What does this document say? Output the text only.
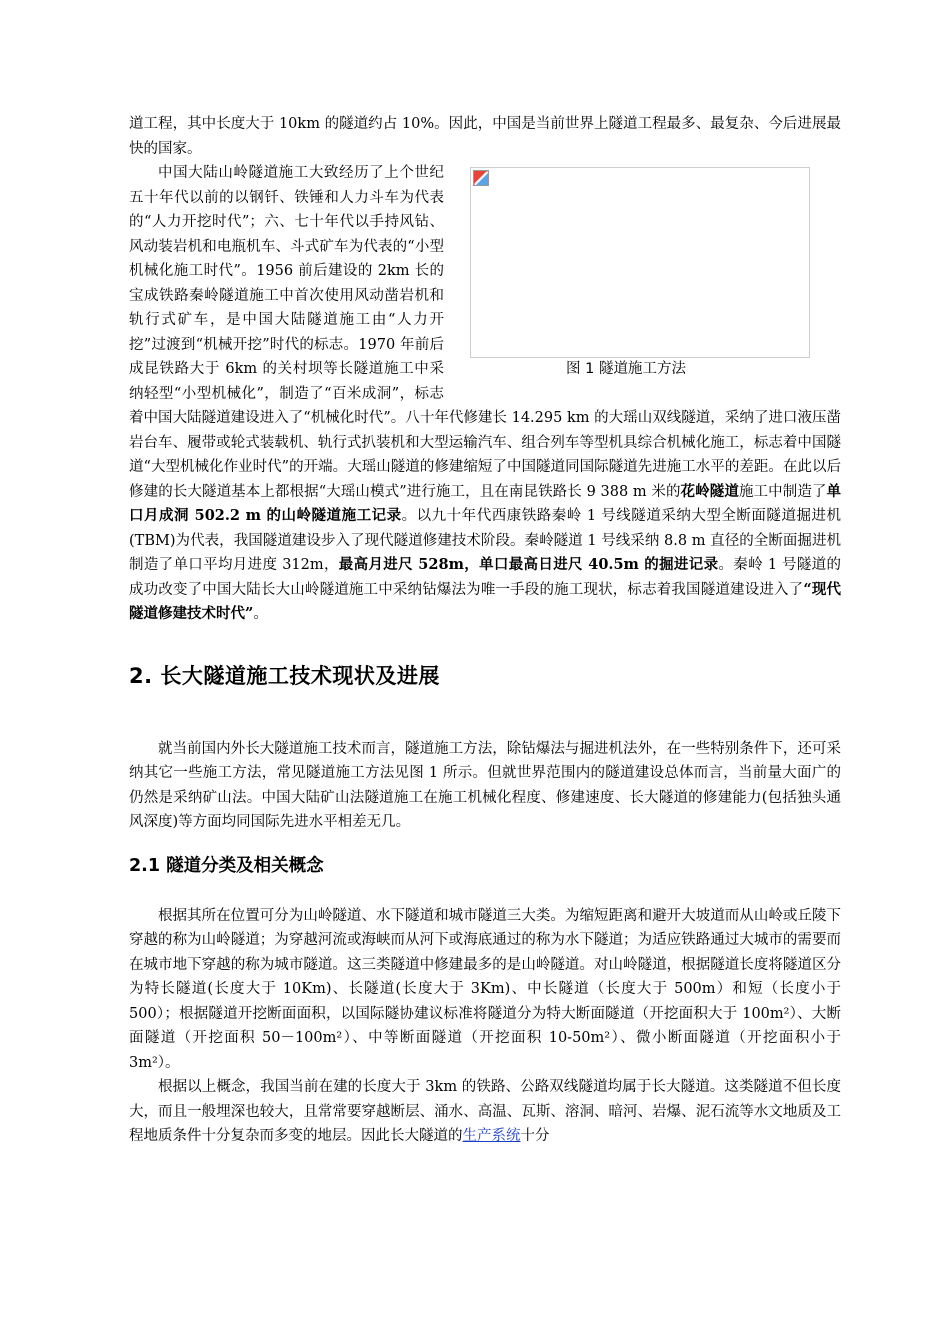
道工程，其中长度大于 10km 的隧道约占 10%。因此，中国是当前世界上隧道工程最多、最复杂、今后进展最快的国家。

图 1 隧道施工方法
中国大陆山岭隧道施工大致经历了上个世纪五十年代以前的以钢钎、铁锤和人力斗车为代表的“人力开挖时代”；六、七十年代以手持风钻、风动装岩机和电瓶机车、斗式矿车为代表的“小型机械化施工时代”。1956 前后建设的 2km 长的宝成铁路秦岭隧道施工中首次使用风动凿岩机和轨行式矿车，是中国大陆隧道施工由“人力开挖”过渡到“机械开挖”时代的标志。1970 年前后成昆铁路大于 6km 的关村坝等长隧道施工中采纳轻型“小型机械化”，制造了“百米成洞”，标志着中国大陆隧道建设进入了“机械化时代”。八十年代修建长 14.295 km 的大瑶山双线隧道，采纳了进口液压凿岩台车、履带或轮式装载机、轨行式扒装机和大型运输汽车、组合列车等型机具综合机械化施工，标志着中国隧道“大型机械化作业时代”的开端。大瑶山隧道的修建缩短了中国隧道同国际隧道先进施工水平的差距。在此以后修建的长大隧道基本上都根据“大瑶山模式”进行施工，且在南昆铁路长 9 388 m 米的花岭隧道施工中制造了单口月成洞 502.2 m 的山岭隧道施工记录。以九十年代西康铁路秦岭 1 号线隧道采纳大型全断面隧道掘进机(TBM)为代表，我国隧道建设步入了现代隧道修建技术阶段。秦岭隧道 1 号线采纳 8.8 m 直径的全断面掘进机制造了单口平均月进度 312m，最高月进尺 528m，单口最高日进尺 40.5m 的掘进记录。秦岭 1 号隧道的成功改变了中国大陆长大山岭隧道施工中采纳钻爆法为唯一手段的施工现状，标志着我国隧道建设进入了“现代隧道修建技术时代”。

2. 长大隧道施工技术现状及进展

就当前国内外长大隧道施工技术而言，隧道施工方法，除钻爆法与掘进机法外，在一些特别条件下，还可采纳其它一些施工方法，常见隧道施工方法见图 1 所示。但就世界范围内的隧道建设总体而言，当前量大面广的仍然是采纳矿山法。中国大陆矿山法隧道施工在施工机械化程度、修建速度、长大隧道的修建能力(包括独头通风深度)等方面均同国际先进水平相差无几。

2.1 隧道分类及相关概念

根据其所在位置可分为山岭隧道、水下隧道和城市隧道三大类。为缩短距离和避开大坡道而从山岭或丘陵下穿越的称为山岭隧道；为穿越河流或海峡而从河下或海底通过的称为水下隧道；为适应铁路通过大城市的需要而在城市地下穿越的称为城市隧道。这三类隧道中修建最多的是山岭隧道。对山岭隧道，根据隧道长度将隧道区分为特长隧道(长度大于 10Km)、长隧道(长度大于 3Km)、中长隧道（长度大于 500m）和短（长度小于 500）；根据隧道开挖断面面积，以国际隧协建议标准将隧道分为特大断面隧道（开挖面积大于 100m²）、大断面隧道（开挖面积 50－100m²）、中等断面隧道（开挖面积 10-50m²）、微小断面隧道（开挖面积小于 3m²）。

根据以上概念，我国当前在建的长度大于 3km 的铁路、公路双线隧道均属于长大隧道。这类隧道不但长度大，而且一般埋深也较大，且常常要穿越断层、涌水、高温、瓦斯、溶洞、暗河、岩爆、泥石流等水文地质及工程地质条件十分复杂而多变的地层。因此长大隧道的生产系统十分
